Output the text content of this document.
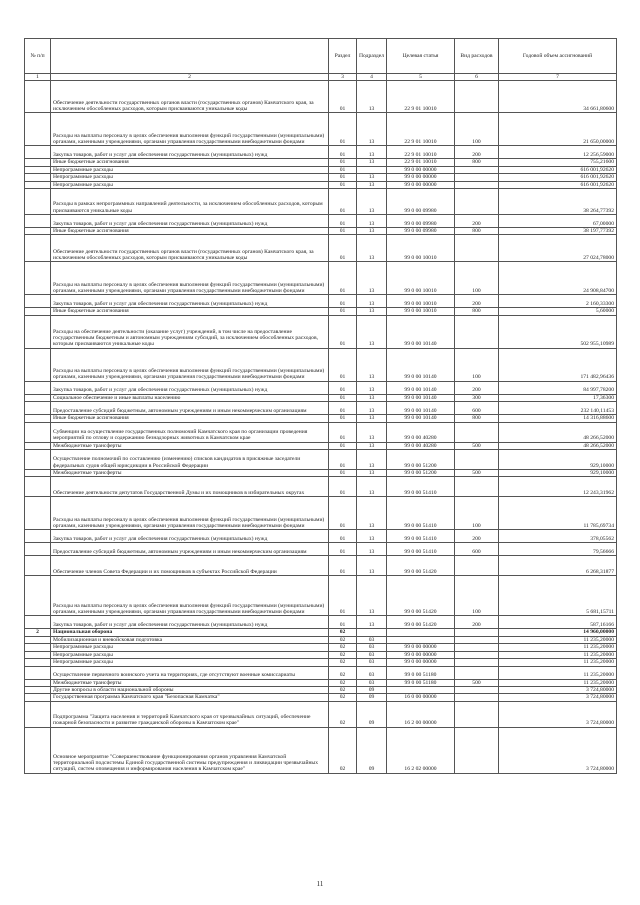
№ п/п		Раздел	Подраздел	Целевая статья	Вид расходов	Годовой объем ассигнований
1	2	3	4	5	6	7
	Обеспечение деятельности государственных органов власти (государственных органов) Камчатского края, за исключением обособленных расходов, которым присваиваются уникальные коды	01	13	22 9 01 10010		34 661,80600
	Расходы на выплаты персоналу в целях обеспечения выполнения функций государственными (муниципальными) органами, казенными учреждениями, органами управления государственными внебюджетными фондами	01	13	22 9 01 10010	100	21 650,00000
	Закупка товаров, работ и услуг для обеспечения государственных (муниципальных) нужд	01	13	22 9 01 10010	200	12 256,59000
	Иные бюджетные ассигнования	01	13	22 9 01 10010	800	755,21600
	Непрограммные расходы	01		99 0 00 00000		616 001,92620
	Непрограммные расходы	01	13	99 0 00 00000		616 001,92620
	Непрограммные расходы	01	13	99 0 00 00000		616 001,92620
	Расходы в рамках непрограммных направлений деятельности, за исключением обособленных расходов, которым присваиваются уникальные коды	01	13	99 0 00 09980		38 264,77392
	Закупка товаров, работ и услуг для обеспечения государственных (муниципальных) нужд	01	13	99 0 00 09980	200	67,00000
	Иные бюджетные ассигнования	01	13	99 0 00 09980	800	38 197,77392
	Обеспечение деятельности государственных органов власти (государственных органов) Камчатского края, за исключением обособленных расходов, которым присваиваются уникальные коды	01	13	99 0 00 10010		27 024,78000
	Расходы на выплаты персоналу в целях обеспечения выполнения функций государственными (муниципальными) органами, казенными учреждениями, органами управления государственными внебюджетными фондами	01	13	99 0 00 10010	100	24 908,84700
	Закупка товаров, работ и услуг для обеспечения государственных (муниципальных) нужд	01	13	99 0 00 10010	200	2 160,33300
	Иные бюджетные ассигнования	01	13	99 0 00 10010	800	5,60000
	Расходы на обеспечение деятельности (оказание услуг) учреждений, в том числе на предоставление государственным бюджетным и автономным учреждениям субсидий, за исключением обособленных расходов, которым присваиваются уникальные коды	01	13	99 0 00 10140		502 955,10989
	Расходы на выплаты персоналу в целях обеспечения выполнения функций государственными (муниципальными) органами, казенными учреждениями, органами управления государственными внебюджетными фондами	01	13	99 0 00 10140	100	171 482,96436
	Закупка товаров, работ и услуг для обеспечения государственных (муниципальных) нужд	01	13	99 0 00 10140	200	84 997,78200
	Социальное обеспечение и иные выплаты населению	01	13	99 0 00 10140	300	17,36300
	Предоставление субсидий бюджетным, автономным учреждениям и иным некоммерческим организациям	01	13	99 0 00 10140	600	232 140,11453
	Иные бюджетные ассигнования	01	13	99 0 00 10140	800	14 316,88600
	Субвенции на осуществление государственных полномочий Камчатского края по организации проведения мероприятий по отлову и содержанию безнадзорных животных в Камчатском крае	01	13	99 0 00 40280		48 266,52000
	Межбюджетные трансферты	01	13	99 0 00 40280	500	48 266,52000
	Осуществление полномочий по составлению (изменению) списков кандидатов в присяжные заседатели федеральных судов общей юрисдикции в Российской Федерации	01	13	99 0 00 51200		929,10000
	Межбюджетные трансферты	01	13	99 0 00 51200	500	929,10000
	Обеспечение деятельности депутатов Государственной Думы и их помощников в избирательных округах	01	13	99 0 00 51410		12 243,31962
	Расходы на выплаты персоналу в целях обеспечения выполнения функций государственными (муниципальными) органами, казенными учреждениями, органами управления государственными внебюджетными фондами	01	13	99 0 00 51410	100	11 785,69734
	Закупка товаров, работ и услуг для обеспечения государственных (муниципальных) нужд	01	13	99 0 00 51410	200	378,05562
	Предоставление субсидий бюджетным, автономным учреждениям и иным некоммерческим организациям	01	13	99 0 00 51410	600	79,56666
	Обеспечение членов Совета Федерации и их помощников в субъектах Российской Федерации	01	13	99 0 00 51420		6 268,31877
	Расходы на выплаты персоналу в целях обеспечения выполнения функций государственными (муниципальными) органами, казенными учреждениями, органами управления государственными внебюджетными фондами	01	13	99 0 00 51420	100	5 681,15711
	Закупка товаров, работ и услуг для обеспечения государственных (муниципальных) нужд	01	13	99 0 00 51420	200	587,16166
2	Национальная оборона	02				14 960,00000
	Мобилизационная и вневойсковая подготовка	02	03			11 235,20000
	Непрограммные расходы	02	03	99 0 00 00000		11 235,20000
	Непрограммные расходы	02	03	99 0 00 00000		11 235,20000
	Непрограммные расходы	02	03	99 0 00 00000		11 235,20000
	Осуществление первичного воинского учета на территориях, где отсутствуют военные комиссариаты	02	03	99 0 00 51180		11 235,20000
	Межбюджетные трансферты	02	03	99 0 00 51180	500	11 235,20000
	Другие вопросы в области национальной обороны	02	09			3 724,80000
	Государственная программа Камчатского края "Безопасная Камчатка"	02	09	16 0 00 00000		3 724,80000
	Подпрограмма "Защита населения и территорий Камчатского края от чрезвычайных ситуаций, обеспечение пожарной безопасности и развитие гражданской обороны в Камчатском крае"	02	09	16 2 00 00000		3 724,80000
	Основное мероприятие "Совершенствование функционирования органов управления Камчатской территориальной подсистемы Единой государственной системы предупреждения и ликвидации чрезвычайных ситуаций, систем оповещения и информирования населения в Камчатском крае"	02	09	16 2 02 00000		3 724,80000
11
